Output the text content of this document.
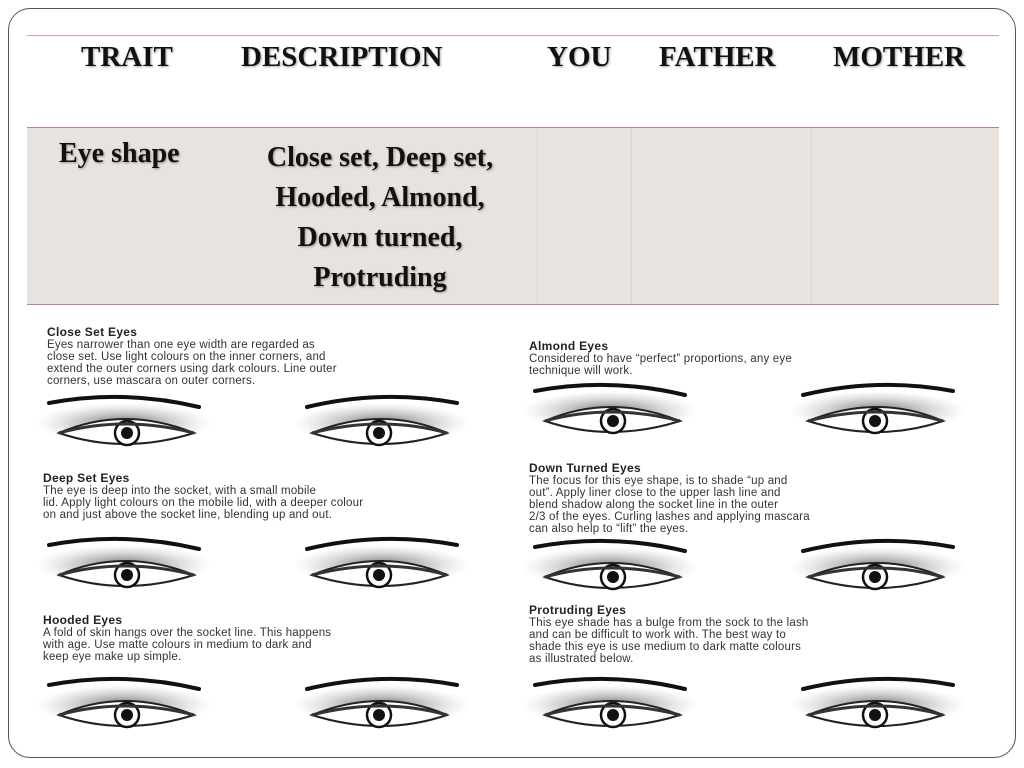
TRAIT DESCRIPTION	YOU FATHER MOTHER
Eye shape	Close set, Deep set,
Hooded, Almond,
Down turned,
Protruding
Close Set Eyes
Eyes narrower than one eye width are regarded as
close set. Use light colours on the inner corners, and
extend the outer corners using dark colours. Line outer
corners, use mascara on outer corners.
Deep Set Eyes
The eye is deep into the socket, with a small mobile
lid. Apply light colours on the mobile lid, with a deeper colour
on and just above the socket line, blending up and out.
Hooded Eyes
A fold of skin hangs over the socket line. This happens
with age. Use matte colours in medium to dark and
keep eye make up simple.
Almond Eyes
Considered to have “perfect” proportions, any eye
technique will work.
Down Turned Eyes
The focus for this eye shape, is to shade “up and
out”. Apply liner close to the upper lash line and
blend shadow along the socket line in the outer
2/3 of the eyes. Curling lashes and applying mascara
can also help to “lift” the eyes.
Protruding Eyes
This eye shade has a bulge from the sock to the lash
and can be difficult to work with. The best way to
shade this eye is use medium to dark matte colours
as illustrated below.
